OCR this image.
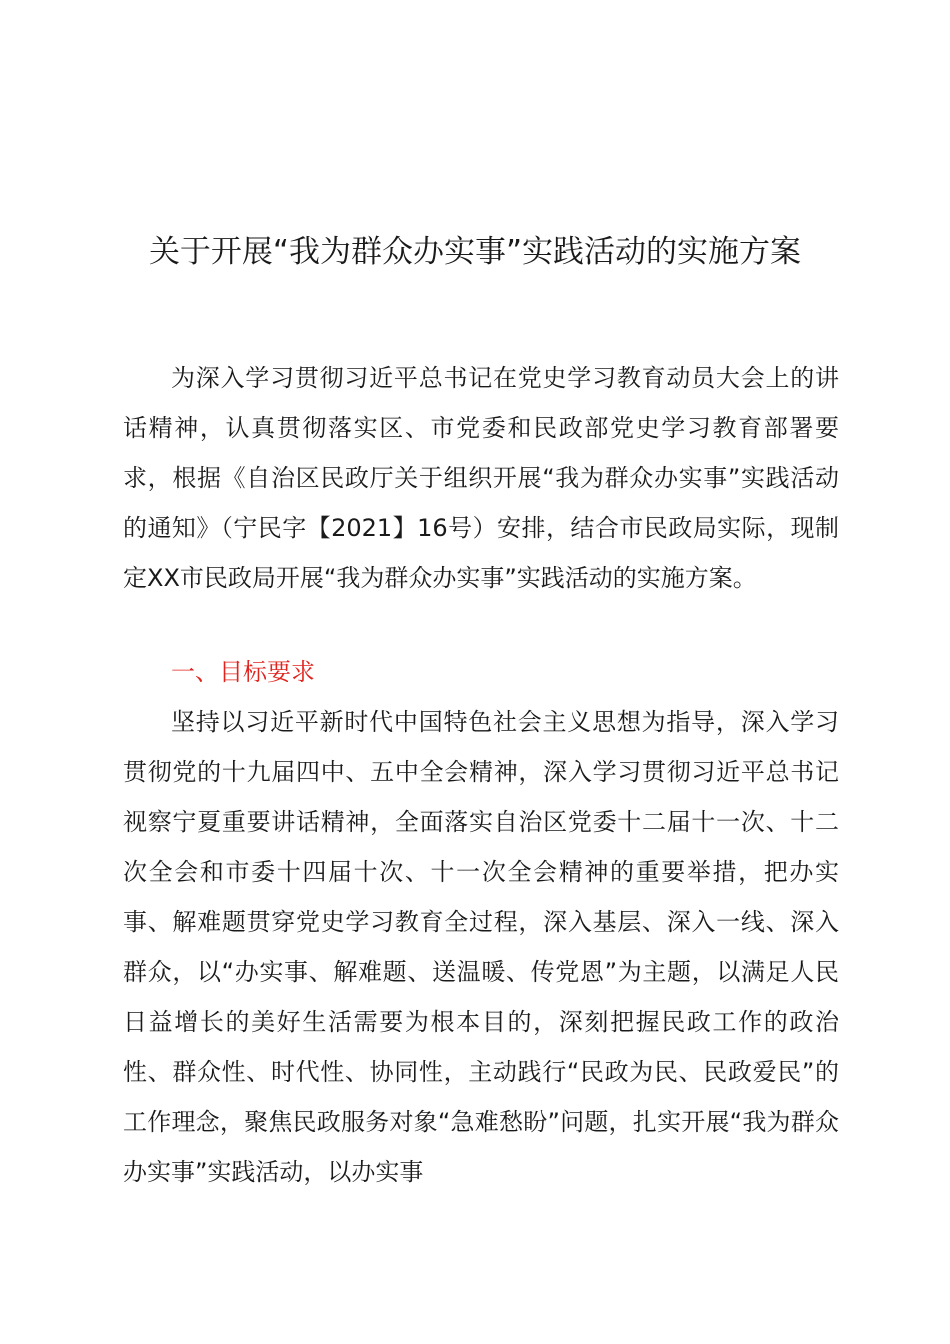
关于开展“我为群众办实事”实践活动的实施方案

为深入学习贯彻习近平总书记在党史学习教育动员大会上的讲话精神，认真贯彻落实区、市党委和民政部党史学习教育部署要求，根据《自治区民政厅关于组织开展“我为群众办实事”实践活动的通知》（宁民字【2021】16号）安排，结合市民政局实际，现制定XX市民政局开展“我为群众办实事”实践活动的实施方案。

一、目标要求

坚持以习近平新时代中国特色社会主义思想为指导，深入学习贯彻党的十九届四中、五中全会精神，深入学习贯彻习近平总书记视察宁夏重要讲话精神，全面落实自治区党委十二届十一次、十二次全会和市委十四届十次、十一次全会精神的重要举措，把办实事、解难题贯穿党史学习教育全过程，深入基层、深入一线、深入群众，以“办实事、解难题、送温暖、传党恩”为主题，以满足人民日益增长的美好生活需要为根本目的，深刻把握民政工作的政治性、群众性、时代性、协同性，主动践行“民政为民、民政爱民”的工作理念，聚焦民政服务对象“急难愁盼”问题，扎实开展“我为群众办实事”实践活动，以办实事
